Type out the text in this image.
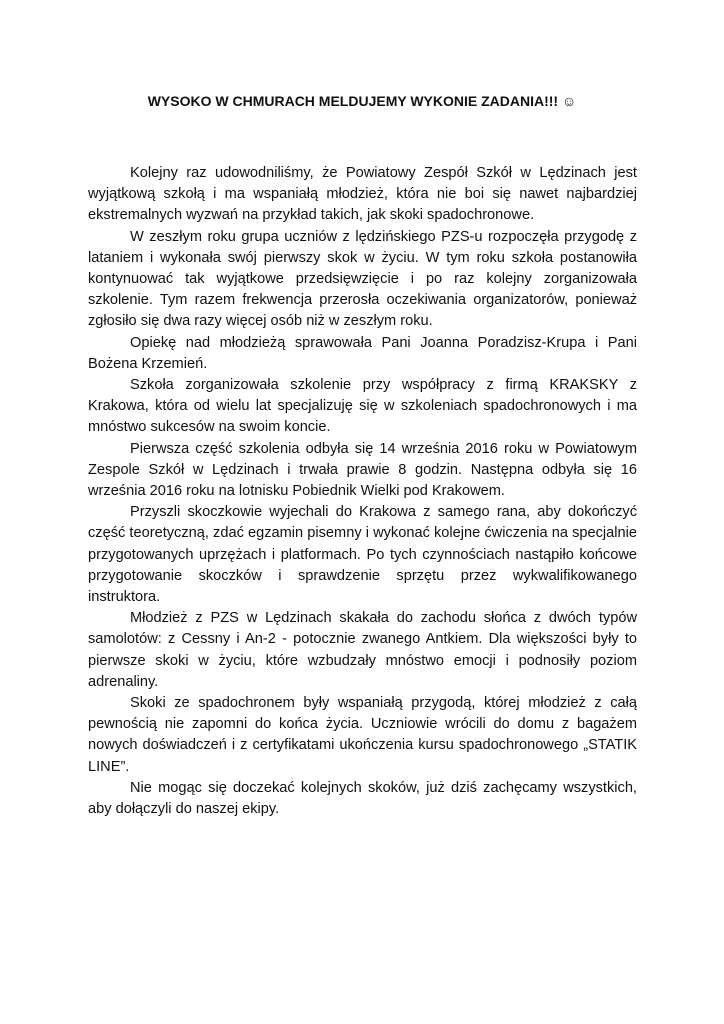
WYSOKO W CHMURACH MELDUJEMY WYKONIE ZADANIA!!! ☺

Kolejny raz udowodniliśmy, że Powiatowy Zespół Szkół w Lędzinach jest wyjątkową szkołą i ma wspaniałą młodzież, która nie boi się nawet najbardziej ekstremalnych wyzwań na przykład takich, jak skoki spadochronowe.

W zeszłym roku grupa uczniów z lędzińskiego PZS-u rozpoczęła przygodę z lataniem i wykonała swój pierwszy skok w życiu. W tym roku szkoła postanowiła kontynuować tak wyjątkowe przedsięwzięcie i po raz kolejny zorganizowała szkolenie. Tym razem frekwencja przerosła oczekiwania organizatorów, ponieważ zgłosiło się dwa razy więcej osób niż w zeszłym roku.

Opiekę nad młodzieżą sprawowała Pani Joanna Poradzisz-Krupa i Pani Bożena Krzemień.

Szkoła zorganizowała szkolenie przy współpracy z firmą KRAKSKY z Krakowa, która od wielu lat specjalizuję się w szkoleniach spadochronowych i ma mnóstwo sukcesów na swoim koncie.

Pierwsza część szkolenia odbyła się 14 września 2016 roku w Powiatowym Zespole Szkół w Lędzinach i trwała prawie 8 godzin. Następna odbyła się 16 września 2016 roku na lotnisku Pobiednik Wielki pod Krakowem.

Przyszli skoczkowie wyjechali do Krakowa z samego rana, aby dokończyć część teoretyczną, zdać egzamin pisemny i wykonać kolejne ćwiczenia na specjalnie przygotowanych uprzężach i platformach. Po tych czynnościach nastąpiło końcowe przygotowanie skoczków i sprawdzenie sprzętu przez wykwalifikowanego instruktora.

Młodzież z PZS w Lędzinach skakała do zachodu słońca z dwóch typów samolotów: z Cessny i An-2 - potocznie zwanego Antkiem. Dla większości były to pierwsze skoki w życiu, które wzbudzały mnóstwo emocji i podnosiły poziom adrenaliny.

Skoki ze spadochronem były wspaniałą przygodą, której młodzież z całą pewnością nie zapomni do końca życia. Uczniowie wrócili do domu z bagażem nowych doświadczeń i z certyfikatami ukończenia kursu spadochronowego „STATIK LINE”.

Nie mogąc się doczekać kolejnych skoków, już dziś zachęcamy wszystkich, aby dołączyli do naszej ekipy.
